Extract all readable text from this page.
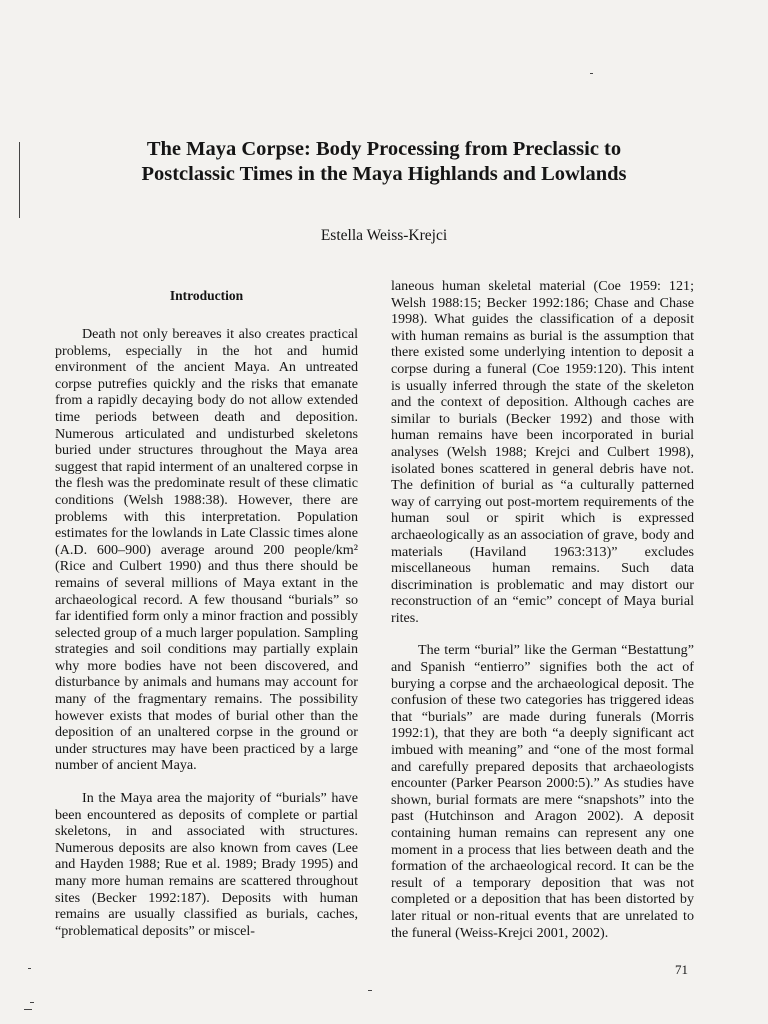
The Maya Corpse: Body Processing from Preclassic to
Postclassic Times in the Maya Highlands and Lowlands
Estella Weiss-Krejci
Introduction

Death not only bereaves it also creates practical problems, especially in the hot and humid environment of the ancient Maya. An untreated corpse putrefies quickly and the risks that emanate from a rapidly decaying body do not allow extended time periods between death and deposition. Numerous articulated and undisturbed skeletons buried under structures throughout the Maya area suggest that rapid interment of an unaltered corpse in the flesh was the predominate result of these climatic conditions (Welsh 1988:38). However, there are problems with this interpretation. Population estimates for the lowlands in Late Classic times alone (A.D. 600–900) average around 200 people/km² (Rice and Culbert 1990) and thus there should be remains of several millions of Maya extant in the archaeological record. A few thousand “burials” so far identified form only a minor fraction and possibly selected group of a much larger population. Sampling strategies and soil conditions may partially explain why more bodies have not been discovered, and disturbance by animals and humans may account for many of the fragmentary remains. The possibility however exists that modes of burial other than the deposition of an unaltered corpse in the ground or under structures may have been practiced by a large number of ancient Maya.

In the Maya area the majority of “burials” have been encountered as deposits of complete or partial skeletons, in and associated with structures. Numerous deposits are also known from caves (Lee and Hayden 1988; Rue et al. 1989; Brady 1995) and many more human remains are scattered throughout sites (Becker 1992:187). Deposits with human remains are usually classified as burials, caches, “problematical deposits” or miscel-

laneous human skeletal material (Coe 1959: 121; Welsh 1988:15; Becker 1992:186; Chase and Chase 1998). What guides the classification of a deposit with human remains as burial is the assumption that there existed some underlying intention to deposit a corpse during a funeral (Coe 1959:120). This intent is usually inferred through the state of the skeleton and the context of deposition. Although caches are similar to burials (Becker 1992) and those with human remains have been incorporated in burial analyses (Welsh 1988; Krejci and Culbert 1998), isolated bones scattered in general debris have not. The definition of burial as “a culturally patterned way of carrying out post-mortem requirements of the human soul or spirit which is expressed archaeologically as an association of grave, body and materials (Haviland 1963:313)” excludes miscellaneous human remains. Such data discrimination is problematic and may distort our reconstruction of an “emic” concept of Maya burial rites.

The term “burial” like the German “Bestattung” and Spanish “entierro” signifies both the act of burying a corpse and the archaeological deposit. The confusion of these two categories has triggered ideas that “burials” are made during funerals (Morris 1992:1), that they are both “a deeply significant act imbued with meaning” and “one of the most formal and carefully prepared deposits that archaeologists encounter (Parker Pearson 2000:5).” As studies have shown, burial formats are mere “snapshots” into the past (Hutchinson and Aragon 2002). A deposit containing human remains can represent any one moment in a process that lies between death and the formation of the archaeological record. It can be the result of a temporary deposition that was not completed or a deposition that has been distorted by later ritual or non-ritual events that are unrelated to the funeral (Weiss-Krejci 2001, 2002).

71
